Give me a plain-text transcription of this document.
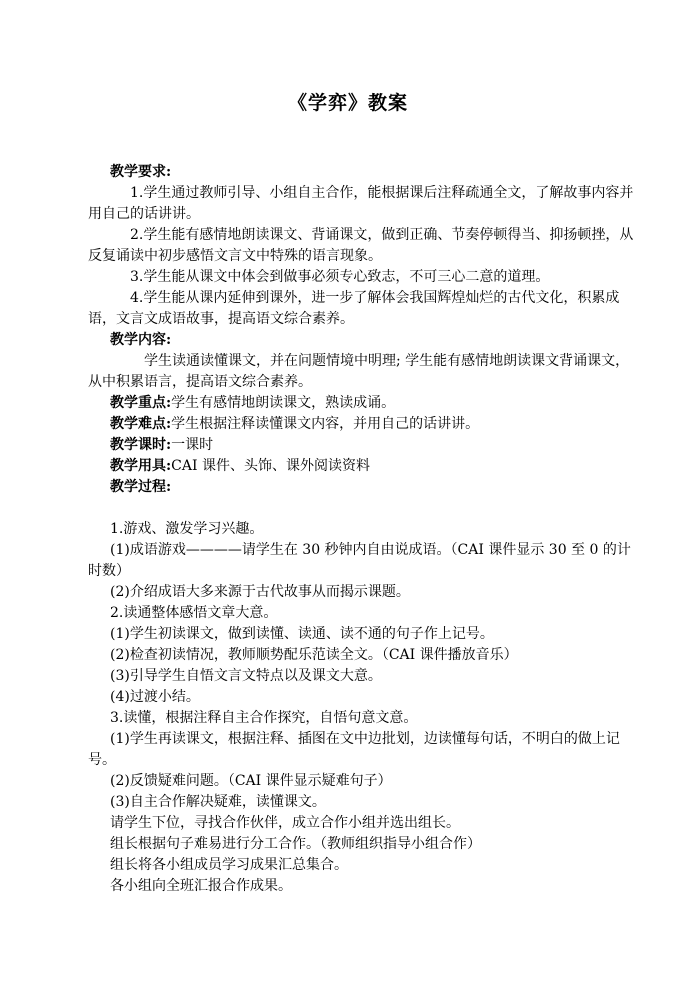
《学弈》教案
教学要求:
1.学生通过教师引导、小组自主合作，能根据课后注释疏通全文，了解故事内容并用自己的话讲讲。
2.学生能有感情地朗读课文、背诵课文，做到正确、节奏停顿得当、抑扬顿挫，从反复诵读中初步感悟文言文中特殊的语言现象。
3.学生能从课文中体会到做事必须专心致志，不可三心二意的道理。
4.学生能从课内延伸到课外，进一步了解体会我国辉煌灿烂的古代文化，积累成语，文言文成语故事，提高语文综合素养。
教学内容:
学生读通读懂课文，并在问题情境中明理; 学生能有感情地朗读课文背诵课文，从中积累语言，提高语文综合素养。
教学重点:学生有感情地朗读课文，熟读成诵。
教学难点:学生根据注释读懂课文内容，并用自己的话讲讲。
教学课时:一课时
教学用具:CAI 课件、头饰、课外阅读资料
教学过程:
1.游戏、激发学习兴趣。
(1)成语游戏————请学生在 30 秒钟内自由说成语。（CAI 课件显示 30 至 0 的计时数）
(2)介绍成语大多来源于古代故事从而揭示课题。
2.读通整体感悟文章大意。
(1)学生初读课文，做到读懂、读通、读不通的句子作上记号。
(2)检查初读情况，教师顺势配乐范读全文。（CAI 课件播放音乐）
(3)引导学生自悟文言文特点以及课文大意。
(4)过渡小结。
3.读懂，根据注释自主合作探究，自悟句意文意。
(1)学生再读课文，根据注释、插图在文中边批划，边读懂每句话，不明白的做上记号。
(2)反馈疑难问题。（CAI 课件显示疑难句子）
(3)自主合作解决疑难，读懂课文。
请学生下位，寻找合作伙伴，成立合作小组并选出组长。
组长根据句子难易进行分工合作。（教师组织指导小组合作）
组长将各小组成员学习成果汇总集合。
各小组向全班汇报合作成果。
